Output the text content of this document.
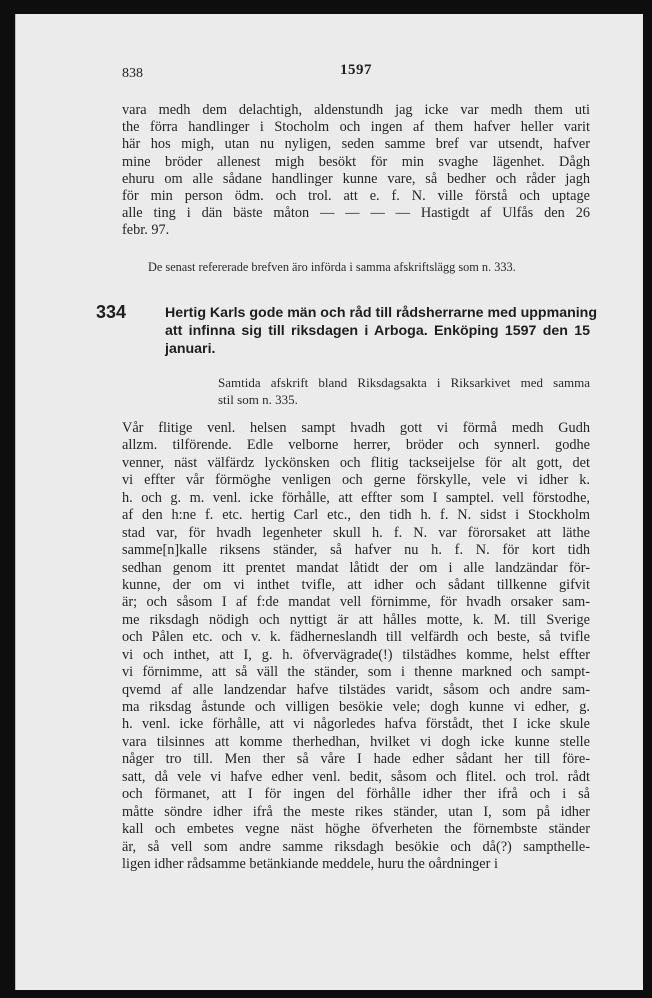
838	1597
vara medh dem delachtigh, aldenstundh jag icke var medh them uti
the förra handlinger i Stocholm och ingen af them hafver heller varit
här hos migh, utan nu nyligen, seden samme bref var utsendt, hafver
mine bröder allenest migh besökt för min svaghe lägenhet. Dågh
ehuru om alle sådane handlinger kunne vare, så bedher och råder jagh
för min person ödm. och trol. att e. f. N. ville förstå och uptage
alle ting i dän bäste måton — — — — Hastigdt af Ulfås den 26
febr. 97.
De senast refererade brefven äro införda i samma afskriftslägg som n. 333.
334	Hertig Karls gode män och råd till rådsherrarne med uppmaning
att infinna sig till riksdagen i Arboga. Enköping 1597 den 15
januari.
Samtida afskrift bland Riksdagsakta i Riksarkivet med samma
stil som n. 335.
Vår flitige venl. helsen sampt hvadh gott vi förmå medh Gudh
allzm. tilförende. Edle velborne herrer, bröder och synnerl. godhe
venner, näst välfärdz lyckönsken och flitig tackseijelse för alt gott, det
vi effter vår förmöghe venligen och gerne förskylle, vele vi idher k.
h. och g. m. venl. icke förhålle, att effter som I samptel. vell förstodhe,
af den h:ne f. etc. hertig Carl etc., den tidh h. f. N. sidst i Stockholm
stad var, för hvadh legenheter skull h. f. N. var förorsaket att läthe
samme[n]kalle riksens ständer, så hafver nu h. f. N. för kort tidh
sedhan genom itt prentet mandat låtidt der om i alle landzändar för-
kunne, der om vi inthet tvifle, att idher och sådant tillkenne gifvit
är; och såsom I af f:de mandat vell förnimme, för hvadh orsaker sam-
me riksdagh nödigh och nyttigt är att hålles motte, k. M. till Sverige
och Pålen etc. och v. k. fädherneslandh till velfärdh och beste, så tvifle
vi och inthet, att I, g. h. öfvervägrade(!) tilstädhes komme, helst effter
vi förnimme, att så väll the ständer, som i thenne markned och sampt-
qvemd af alle landzendar hafve tilstädes varidt, såsom och andre sam-
ma riksdag åstunde och villigen besökie vele; dogh kunne vi edher, g.
h. venl. icke förhålle, att vi någorledes hafva förstådt, thet I icke skule
vara tilsinnes att komme therhedhan, hvilket vi dogh icke kunne stelle
någer tro till. Men ther så våre I hade edher sådant her till före-
satt, då vele vi hafve edher venl. bedit, såsom och flitel. och trol. rådt
och förmanet, att I för ingen del förhålle idher ther ifrå och i så
måtte söndre idher ifrå the meste rikes ständer, utan I, som på idher
kall och embetes vegne näst höghe öfverheten the förnembste ständer
är, så vell som andre samme riksdagh besökie och då(?) sampthelle-
ligen idher rådsamme betänkiande meddele, huru the oårdninger i
